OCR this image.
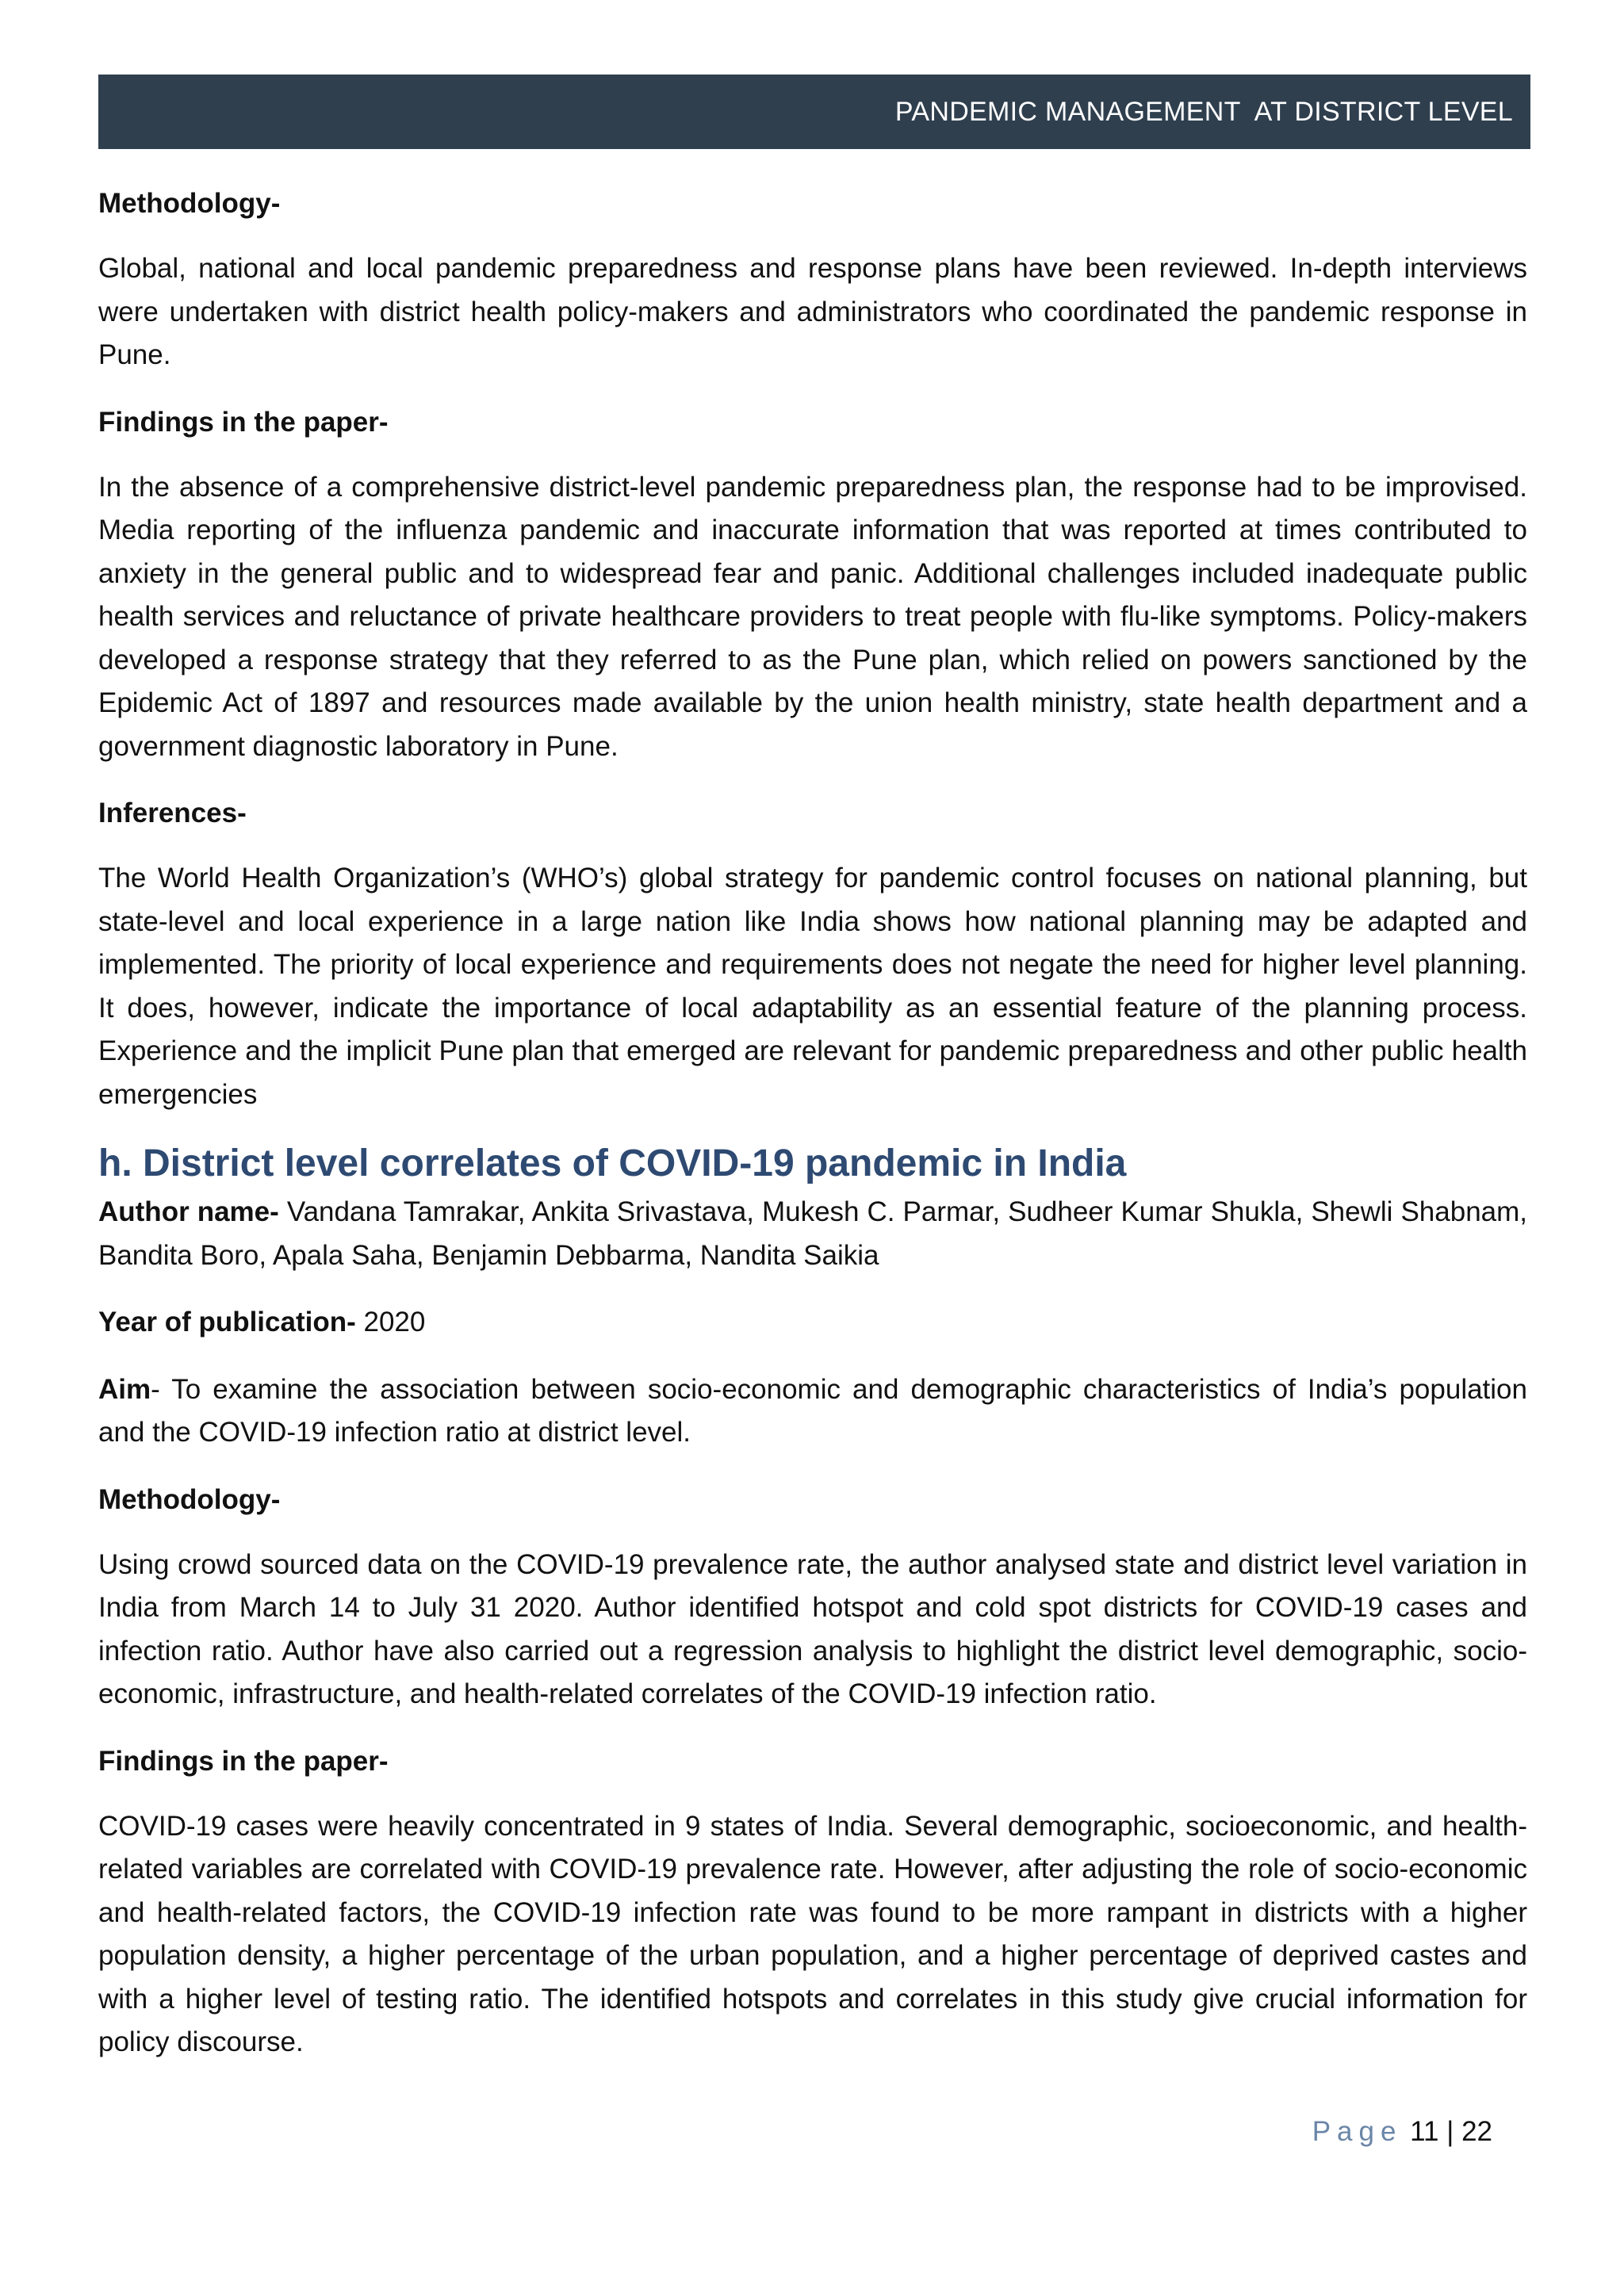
PANDEMIC MANAGEMENT  AT DISTRICT LEVEL
Methodology-

Global, national and local pandemic preparedness and response plans have been reviewed. In-depth interviews were undertaken with district health policy-makers and administrators who coordinated the pandemic response in Pune.

Findings in the paper-

In the absence of a comprehensive district-level pandemic preparedness plan, the response had to be improvised. Media reporting of the influenza pandemic and inaccurate information that was reported at times contributed to anxiety in the general public and to widespread fear and panic. Additional challenges included inadequate public health services and reluctance of private healthcare providers to treat people with flu-like symptoms. Policy-makers developed a response strategy that they referred to as the Pune plan, which relied on powers sanctioned by the Epidemic Act of 1897 and resources made available by the union health ministry, state health department and a government diagnostic laboratory in Pune.

Inferences-

The World Health Organization’s (WHO’s) global strategy for pandemic control focuses on national planning, but state-level and local experience in a large nation like India shows how national planning may be adapted and implemented. The priority of local experience and requirements does not negate the need for higher level planning. It does, however, indicate the importance of local adaptability as an essential feature of the planning process. Experience and the implicit Pune plan that emerged are relevant for pandemic preparedness and other public health emergencies

h. District level correlates of COVID-19 pandemic in India

Author name- Vandana Tamrakar, Ankita Srivastava, Mukesh C. Parmar, Sudheer Kumar Shukla, Shewli Shabnam, Bandita Boro, Apala Saha, Benjamin Debbarma, Nandita Saikia

Year of publication- 2020

Aim- To examine the association between socio-economic and demographic characteristics of India’s population and the COVID-19 infection ratio at district level.

Methodology-

Using crowd sourced data on the COVID-19 prevalence rate, the author analysed state and district level variation in India from March 14 to July 31 2020. Author identified hotspot and cold spot districts for COVID-19 cases and infection ratio. Author have also carried out a regression analysis to highlight the district level demographic, socio-economic, infrastructure, and health-related correlates of the COVID-19 infection ratio.

Findings in the paper-

COVID-19 cases were heavily concentrated in 9 states of India. Several demographic, socioeconomic, and health-related variables are correlated with COVID-19 prevalence rate. However, after adjusting the role of socio-economic and health-related factors, the COVID-19 infection rate was found to be more rampant in districts with a higher population density, a higher percentage of the urban population, and a higher percentage of deprived castes and with a higher level of testing ratio. The identified hotspots and correlates in this study give crucial information for policy discourse.

Page 11 | 22
